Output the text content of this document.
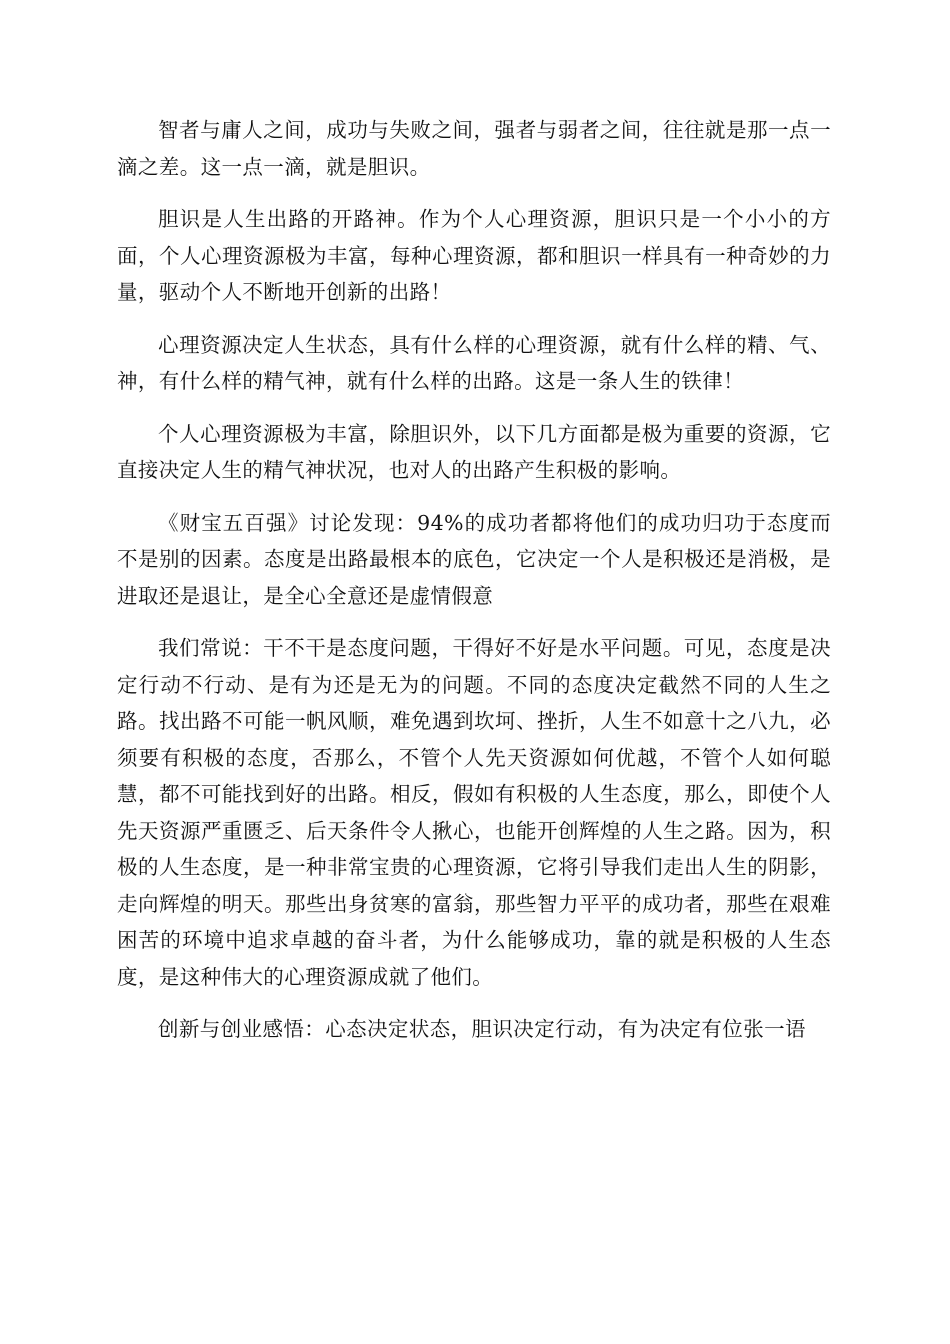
智者与庸人之间，成功与失败之间，强者与弱者之间，往往就是那一点一滴之差。这一点一滴，就是胆识。

胆识是人生出路的开路神。作为个人心理资源，胆识只是一个小小的方面，个人心理资源极为丰富，每种心理资源，都和胆识一样具有一种奇妙的力量，驱动个人不断地开创新的出路！

心理资源决定人生状态，具有什么样的心理资源，就有什么样的精、气、神，有什么样的精气神，就有什么样的出路。这是一条人生的铁律！

个人心理资源极为丰富，除胆识外，以下几方面都是极为重要的资源，它直接决定人生的精气神状况，也对人的出路产生积极的影响。

《财宝五百强》讨论发现：94%的成功者都将他们的成功归功于态度而不是别的因素。态度是出路最根本的底色，它决定一个人是积极还是消极，是进取还是退让，是全心全意还是虚情假意

我们常说：干不干是态度问题，干得好不好是水平问题。可见，态度是决定行动不行动、是有为还是无为的问题。不同的态度决定截然不同的人生之路。找出路不可能一帆风顺，难免遇到坎坷、挫折，人生不如意十之八九，必须要有积极的态度，否那么，不管个人先天资源如何优越，不管个人如何聪慧，都不可能找到好的出路。相反，假如有积极的人生态度，那么，即使个人先天资源严重匮乏、后天条件令人揪心，也能开创辉煌的人生之路。因为，积极的人生态度，是一种非常宝贵的心理资源，它将引导我们走出人生的阴影，走向辉煌的明天。那些出身贫寒的富翁，那些智力平平的成功者，那些在艰难困苦的环境中追求卓越的奋斗者，为什么能够成功，靠的就是积极的人生态度，是这种伟大的心理资源成就了他们。

创新与创业感悟：心态决定状态，胆识决定行动，有为决定有位张一语
